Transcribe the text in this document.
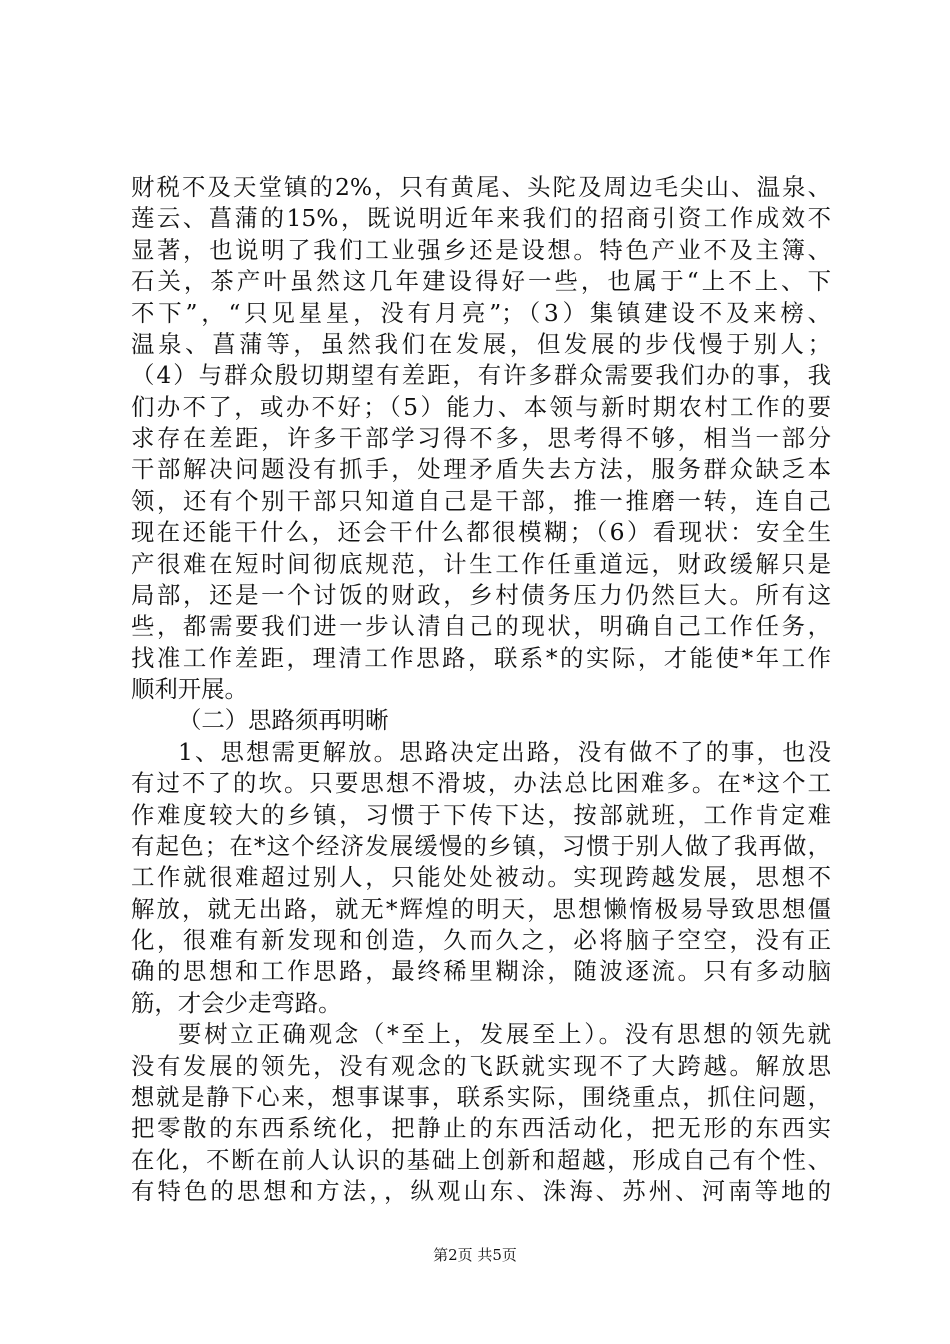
财税不及天堂镇的2%，只有黄尾、头陀及周边毛尖山、温泉、
莲云、菖蒲的15%，既说明近年来我们的招商引资工作成效不
显著，也说明了我们工业强乡还是设想。特色产业不及主簿、
石关，茶产叶虽然这几年建设得好一些，也属于“上不上、下
不下”，“只见星星，没有月亮”；（3）集镇建设不及来榜、
温泉、菖蒲等，虽然我们在发展，但发展的步伐慢于别人；
（4）与群众殷切期望有差距，有许多群众需要我们办的事，我
们办不了，或办不好；（5）能力、本领与新时期农村工作的要
求存在差距，许多干部学习得不多，思考得不够，相当一部分
干部解决问题没有抓手，处理矛盾失去方法，服务群众缺乏本
领，还有个别干部只知道自己是干部，推一推磨一转，连自己
现在还能干什么，还会干什么都很模糊；（6）看现状：安全生
产很难在短时间彻底规范，计生工作任重道远，财政缓解只是
局部，还是一个讨饭的财政，乡村债务压力仍然巨大。所有这
些，都需要我们进一步认清自己的现状，明确自己工作任务，
找准工作差距，理清工作思路，联系*的实际，才能使*年工作
顺利开展。
（二）思路须再明晰
1、思想需更解放。思路决定出路，没有做不了的事，也没
有过不了的坎。只要思想不滑坡，办法总比困难多。在*这个工
作难度较大的乡镇，习惯于下传下达，按部就班，工作肯定难
有起色；在*这个经济发展缓慢的乡镇，习惯于别人做了我再做，
工作就很难超过别人，只能处处被动。实现跨越发展，思想不
解放，就无出路，就无*辉煌的明天，思想懒惰极易导致思想僵
化，很难有新发现和创造，久而久之，必将脑子空空，没有正
确的思想和工作思路，最终稀里糊涂，随波逐流。只有多动脑
筋，才会少走弯路。
要树立正确观念（*至上，发展至上）。没有思想的领先就
没有发展的领先，没有观念的飞跃就实现不了大跨越。解放思
想就是静下心来，想事谋事，联系实际，围绕重点，抓住问题，
把零散的东西系统化，把静止的东西活动化，把无形的东西实
在化，不断在前人认识的基础上创新和超越，形成自己有个性、
有特色的思想和方法，，纵观山东、洙海、苏州、河南等地的
第2页 共5页
